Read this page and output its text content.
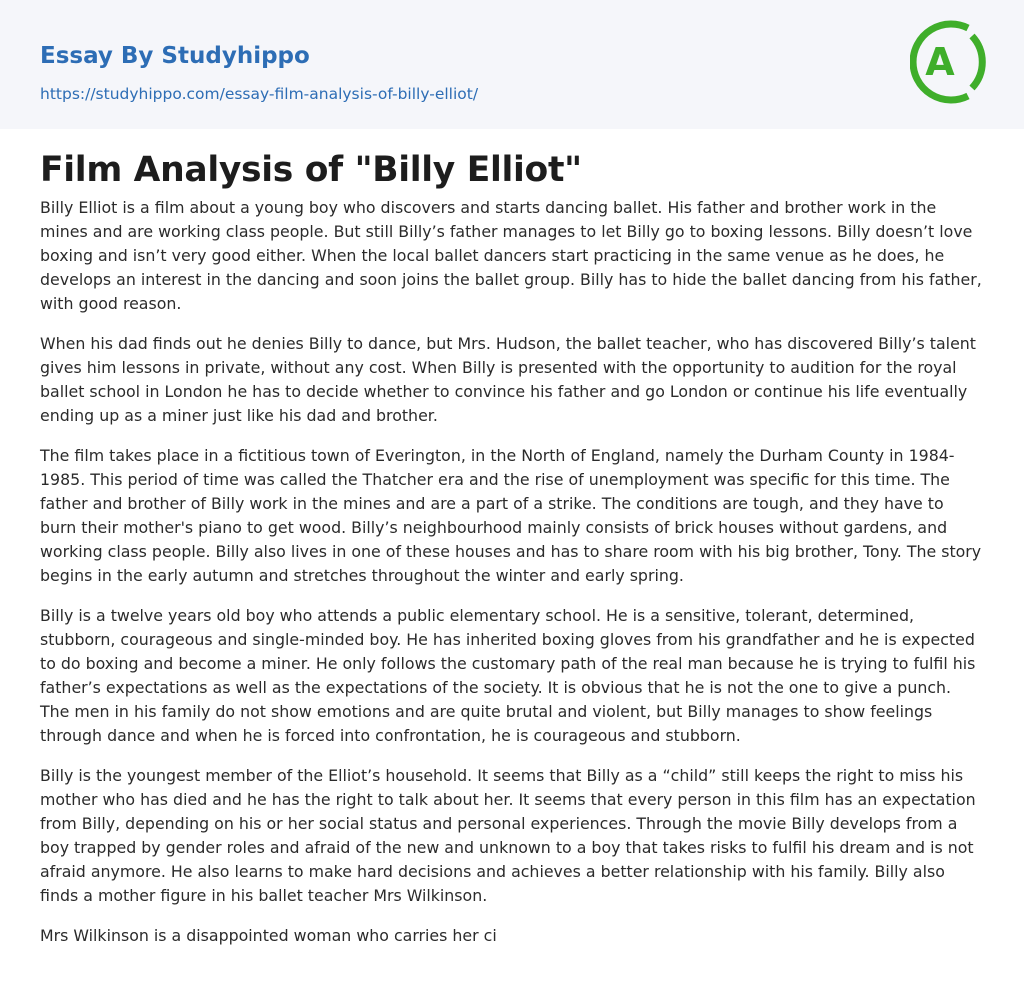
Essay By Studyhippo
https://studyhippo.com/essay-film-analysis-of-billy-elliot/
A
Film Analysis of "Billy Elliot"

Billy Elliot is a film about a young boy who discovers and starts dancing ballet. His father and brother work in the mines and are working class people. But still Billy’s father manages to let Billy go to boxing lessons. Billy doesn’t love boxing and isn’t very good either. When the local ballet dancers start practicing in the same venue as he does, he develops an interest in the dancing and soon joins the ballet group. Billy has to hide the ballet dancing from his father, with good reason.

When his dad finds out he denies Billy to dance, but Mrs. Hudson, the ballet teacher, who has discovered Billy’s talent gives him lessons in private, without any cost. When Billy is presented with the opportunity to audition for the royal ballet school in London he has to decide whether to convince his father and go London or continue his life eventually ending up as a miner just like his dad and brother.

The film takes place in a fictitious town of Everington, in the North of England, namely the Durham County in 1984-1985. This period of time was called the Thatcher era and the rise of unemployment was specific for this time. The father and brother of Billy work in the mines and are a part of a strike. The conditions are tough, and they have to burn their mother's piano to get wood. Billy’s neighbourhood mainly consists of brick houses without gardens, and working class people. Billy also lives in one of these houses and has to share room with his big brother, Tony. The story begins in the early autumn and stretches throughout the winter and early spring.

Billy is a twelve years old boy who attends a public elementary school. He is a sensitive, tolerant, determined, stubborn, courageous and single-minded boy. He has inherited boxing gloves from his grandfather and he is expected to do boxing and become a miner. He only follows the customary path of the real man because he is trying to fulfil his father’s expectations as well as the expectations of the society. It is obvious that he is not the one to give a punch. The men in his family do not show emotions and are quite brutal and violent, but Billy manages to show feelings through dance and when he is forced into confrontation, he is courageous and stubborn.

Billy is the youngest member of the Elliot’s household. It seems that Billy as a “child” still keeps the right to miss his mother who has died and he has the right to talk about her. It seems that every person in this film has an expectation from Billy, depending on his or her social status and personal experiences. Through the movie Billy develops from a boy trapped by gender roles and afraid of the new and unknown to a boy that takes risks to fulfil his dream and is not afraid anymore. He also learns to make hard decisions and achieves a better relationship with his family. Billy also finds a mother figure in his ballet teacher Mrs Wilkinson.

Mrs Wilkinson is a disappointed woman who carries her ci
